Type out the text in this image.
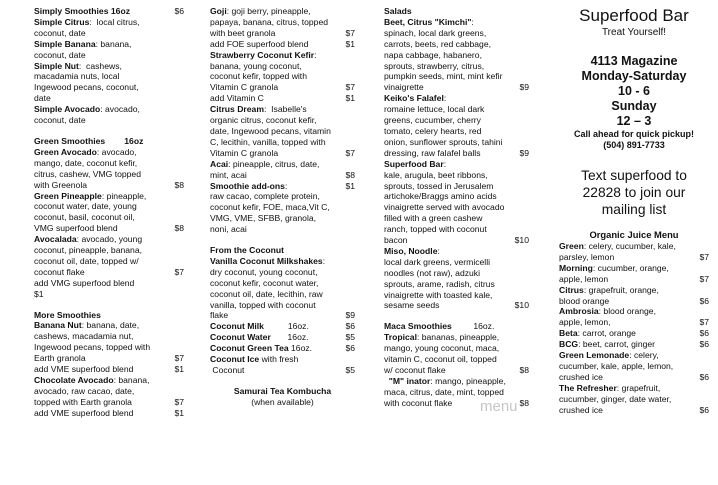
Simply Smoothies 16oz	$6
Simple Citrus:  local citrus,
coconut, date
Simple Banana: banana,
coconut, date
Simple Nut:  cashews,
macadamia nuts, local
Ingewood pecans, coconut,
date
Simple Avocado: avocado,
coconut, date
Green Smoothies        16oz
Green Avocado: avocado,
mango, date, coconut kefir,
citrus, cashew, VMG topped
with Greenola	$8
Green Pineapple: pineapple,
coconut water, date, young
coconut, basil, coconut oil,
VMG superfood blend	$8
Avocalada: avocado, young
coconut, pineapple, banana,
coconut oil, date, topped w/
coconut flake	$7
add VMG superfood blend
$1
More Smoothies
Banana Nut: banana, date,
cashews, macadamia nut,
Ingewood pecans, topped with
Earth granola	$7
add VME superfood blend	$1
Chocolate Avocado: banana,
avocado, raw cacao, date,
topped with Earth granola	$7
add VME superfood blend	$1
Goji: goji berry, pineapple,
papaya, banana, citrus, topped
with beet granola	$7
add FOE superfood blend	$1
Strawberry Coconut Kefir:
banana, young coconut,
coconut kefir, topped with
Vitamin C granola	$7
add Vitamin C	$1
Citrus Dream:  Isabelle's
organic citrus, coconut kefir,
date, Ingewood pecans, vitamin
C, lecithin, vanilla, topped with
Vitamin C granola	$7
Acai: pineapple, citrus, date,
mint, acai	$8
Smoothie add-ons:	$1
raw cacao, complete protein,
coconut kefir, FOE, maca,Vit C,
VMG, VME, SFBB, granola,
noni, acai
From the Coconut
Vanilla Coconut Milkshakes:
dry coconut, young coconut,
coconut kefir, coconut water,
coconut oil, date, lecithin, raw
vanilla, topped with coconut
flake	$9
Coconut Milk          16oz.	$6
Coconut Water       16oz.	$5
Coconut Green Tea 16oz.	$6
Coconut Ice with fresh
Coconut	$5
Samurai Tea Kombucha
(when available)
Salads
Beet, Citrus "Kimchi":
spinach, local dark greens,
carrots, beets, red cabbage,
napa cabbage, habanero,
sprouts, strawberry, citrus,
pumpkin seeds, mint, mint kefir
vinaigrette	$9
Keiko's Falafel:
romaine lettuce, local dark
greens, cucumber, cherry
tomato, celery hearts, red
onion, sunflower sprouts, tahini
dressing, raw falafel balls	$9
Superfood Bar:
kale, arugula, beet ribbons,
sprouts, tossed in Jerusalem
artichoke/Braggs amino acids
vinaigrette served with avocado
filled with a green cashew
ranch, topped with coconut
bacon	$10
Miso, Noodle:
local dark greens, vermicelli
noodles (not raw), adzuki
sprouts, arame, radish, citrus
vinaigrette with toasted kale,
sesame seeds	$10
Maca Smoothies         16oz.
Tropical: bananas, pineapple,
mango, young coconut, maca,
vitamin C, coconut oil, topped
w/ coconut flake	$8
"M" inator: mango, pineapple,
maca, citrus, date, mint, topped
with coconut flake	$8
Superfood Bar
Treat Yourself!
4113 Magazine
Monday-Saturday
10 - 6
Sunday
12 – 3
Call ahead for quick pickup!
(504) 891-7733
Text superfood to
22828 to join our
mailing list
Organic Juice Menu
Green: celery, cucumber, kale,
parsley, lemon	$7
Morning: cucumber, orange,
apple, lemon	$7
Citrus: grapefruit, orange,
blood orange	$6
Ambrosia: blood orange,
apple, lemon,	$7
Beta: carrot, orange	$6
BCG: beet, carrot, ginger	$6
Green Lemonade: celery,
cucumber, kale, apple, lemon,
crushed ice	$6
The Refresher: grapefruit,
cucumber, ginger, date water,
crushed ice	$6
menu
